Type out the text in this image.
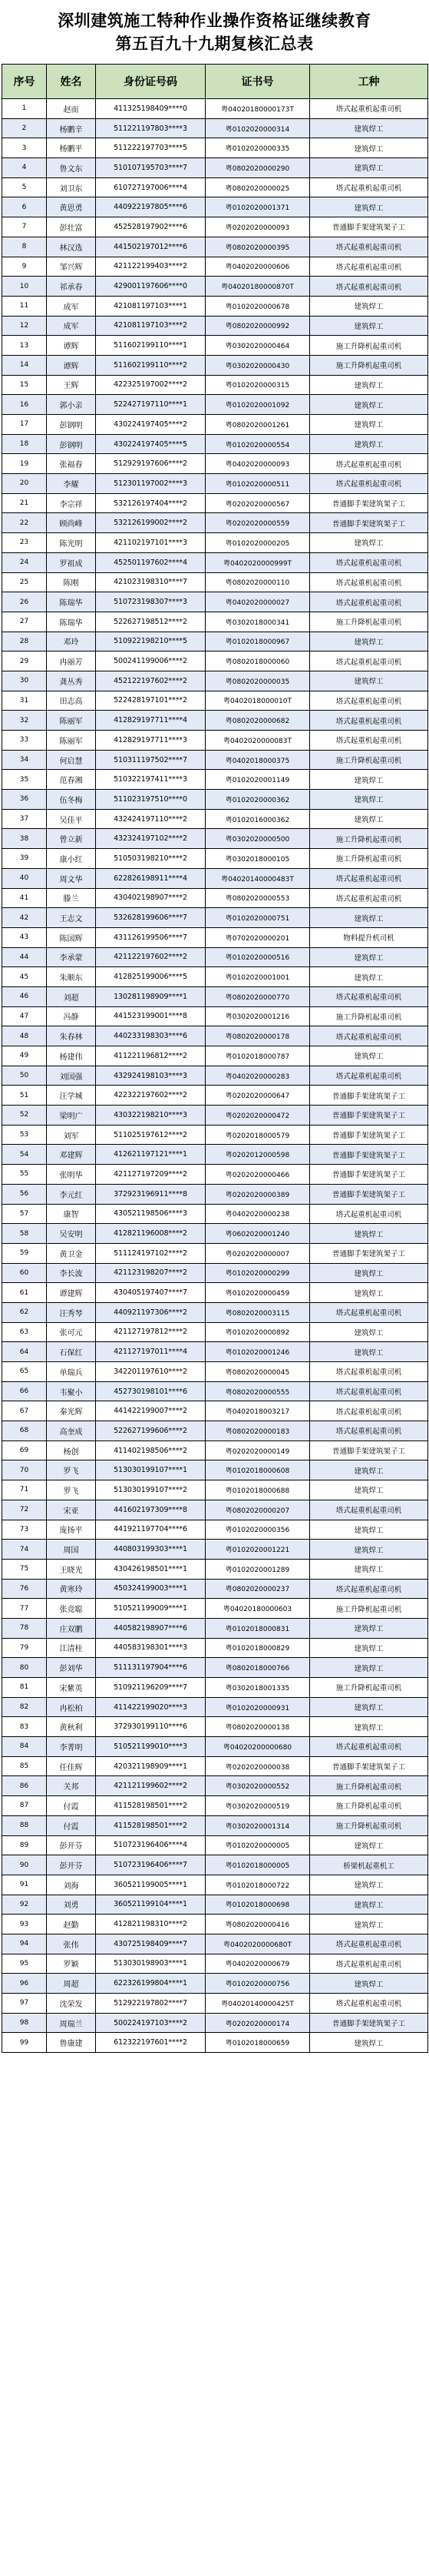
深圳建筑施工特种作业操作资格证继续教育
第五百九十九期复核汇总表
序号	姓名	身份证号码	证书号	工种
1	赵而	411325198409****0	粤04020180000173T	塔式起重机起重司机
2	杨鹏辛	511221197803****3	粤0102020000314	建筑焊工
3	杨鹏平	511222197703****5	粤0102020000335	建筑焊工
4	鲁文东	510107195703****7	粤0802020000290	建筑焊工
5	刘卫东	610727197006****4	粤0802020000025	塔式起重机起重司机
6	黄思勇	440922197805****6	粤0102020001371	建筑焊工
7	彭壮富	452528197902****6	粤0202020000093	普通脚手架建筑架子工
8	林汉选	441502197012****6	粤0802020000395	塔式起重机起重司机
9	邹兴辉	421122199403****2	粤0402020000606	塔式起重机起重司机
10	祁承春	429001197606****0	粤04020180000870T	塔式起重机起重司机
11	成军	421081197103****1	粤0102020000678	建筑焊工
12	成军	421081197103****2	粤0802020000992	建筑焊工
13	谭辉	511602199110****1	粤0302020000464	施工升降机起重司机
14	谭辉	511602199110****2	粤0302020000430	施工升降机起重司机
15	王辉	422325197002****2	粤0102020000315	建筑焊工
16	郭小亲	522427197110****1	粤0102020001092	建筑焊工
17	彭钢明	430224197405****2	粤0802020001261	建筑焊工
18	彭钢明	430224197405****5	粤0102020000554	建筑焊工
19	张福春	512929197606****2	粤0402020000093	塔式起重机起重司机
20	李耀	512301197002****3	粤0102020000511	塔式起重机起重司机
21	李宗祥	532126197404****2	粤0202020000567	普通脚手架建筑架子工
22	顾尚峰	532126199002****2	粤0202020000559	普通脚手架建筑架子工
23	陈光明	421102197101****3	粤0102020000205	建筑焊工
24	罗祖成	452501197602****4	粤0402020000999T	塔式起重机起重司机
25	陈刚	421023198310****7	粤0802020000110	塔式起重机起重司机
26	陈瑞华	510723198307****3	粤0402020000027	塔式起重机起重司机
27	陈瑞华	522627198512****2	粤0302018000341	施工升降机起重司机
28	邓玲	510922198210****5	粤0102018000967	建筑焊工
29	冉丽芳	500241199006****2	粤0802018000060	塔式起重机起重司机
30	龚丛秀	452122197602****2	粤0802020000035	建筑焊工
31	田志高	522428197101****2	粤0402018000010T	塔式起重机起重司机
32	陈丽军	412829197711****4	粤0802020000682	塔式起重机起重司机
33	陈丽军	412829197711****3	粤0402020000083T	塔式起重机起重司机
34	何启慧	510311197502****7	粤0402018000375	施工升降机起重司机
35	范春湘	510322197411****3	粤0102020001149	建筑焊工
36	伍冬梅	511023197510****0	粤0102020000362	建筑焊工
37	吴佳平	432424197110****2	粤0102016000362	建筑焊工
38	曾立新	432324197102****2	粤0302020000500	施工升降机起重司机
39	康小红	510503198210****2	粤0302018000105	施工升降机起重司机
40	周文华	622826198911****4	粤04020140000483T	塔式起重机起重司机
41	滕兰	430402198907****2	粤0802020000553	塔式起重机起重司机
42	王志文	532628199606****7	粤0102020000751	建筑焊工
43	陈国辉	431126199506****7	粤0702020000201	物料提升机司机
44	李承蒙	421122197602****2	粤0102020000516	建筑焊工
45	朱顺东	412825199006****5	粤0102020001001	建筑焊工
46	刘超	130281198909****1	粤0802020000770	塔式起重机起重司机
47	冯静	441523199001****8	粤0302020001216	施工升降机起重司机
48	朱春林	440233198303****6	粤0802020000178	塔式起重机起重司机
49	杨建伟	411221196812****2	粤0102018000787	建筑焊工
50	刘国强	432924198103****3	粤0402020000283	塔式起重机起重司机
51	汪学城	422322197602****2	粤0202020000647	普通脚手架建筑架子工
52	梁明广	430322198210****3	粤0202020000472	普通脚手架建筑架子工
53	刘军	511025197612****2	粤0202018000579	普通脚手架建筑架子工
54	邓建辉	412621197121****1	粤0202012000598	普通脚手架建筑架子工
55	张明华	421127197209****2	粤0202020000466	普通脚手架建筑架子工
56	李元红	372923196911****8	粤0202020000389	普通脚手架建筑架子工
57	康智	430521198506****3	粤0402020000238	塔式起重机起重司机
58	吴安明	412821196008****2	粤0602020001240	建筑焊工
59	黄卫金	511124197102****2	粤0202020000007	普通脚手架建筑架子工
60	李长波	421123198207****2	粤0102020000299	建筑焊工
61	谭建辉	430405197407****7	粤0102020000459	建筑焊工
62	汪秀琴	440921197306****2	粤0802020003115	塔式起重机起重司机
63	张可元	421127197812****2	粤0102020000892	建筑焊工
64	石保红	421127197011****4	粤0102020001246	建筑焊工
65	单瑞兵	342201197610****2	粤0802020000045	塔式起重机起重司机
66	韦聚小	452730198101****6	粤0802020000555	塔式起重机起重司机
67	秦光辉	441422199007****2	粤0402018003217	塔式起重机起重司机
68	高奎成	522627199606****2	粤0802020000183	塔式起重机起重司机
69	杨创	411402198506****2	粤0202020000149	普通脚手架建筑架子工
70	罗飞	513030199107****1	粤0102018000608	建筑焊工
71	罗飞	513030199107****2	粤0102018000688	建筑焊工
72	宋亚	441602197309****8	粤0802020000207	塔式起重机起重司机
73	庞扬平	441921197704****6	粤0102020000356	建筑焊工
74	周国	440803199303****1	粤0102020001221	建筑焊工
75	王晓光	430426198501****1	粤0102020001289	建筑焊工
76	黄寒玲	450324199003****1	粤0802020000237	塔式起重机起重司机
77	张竞聪	510521199009****1	粤04020180000603	施工升降机起重司机
78	庄双鹏	440582198907****6	粤0102018000831	建筑焊工
79	江清桂	440583198301****3	粤0102018000829	建筑焊工
80	彭刘华	511131197904****6	粤0802018000766	建筑焊工
81	宋紫英	510921196209****7	粤0302018001335	施工升降机起重司机
82	冉松柏	411422199020****3	粤0102020000931	建筑焊工
83	黄秋利	372930199110****6	粤0802020000138	建筑焊工
84	李菁明	510521199010****3	粤04020200000680	塔式起重机起重司机
85	任佳辉	420321198909****1	粤0202020000038	普通脚手架建筑架子工
86	关邦	421121199602****2	粤0302020000552	施工升降机起重司机
87	付霞	411528198501****2	粤0302020000519	施工升降机起重司机
88	付霞	411528198501****2	粤0302020001314	施工升降机起重司机
89	彭开芬	510723196406****4	粤0102020000005	建筑焊工
90	彭开芬	510723196406****7	粤0102018000005	桥梁机起重机工
91	刘海	360521199005****1	粤0102018000722	建筑焊工
92	刘勇	360521199104****1	粤0102018000698	建筑焊工
93	赵勤	412821198310****2	粤0802020000416	建筑焊工
94	张伟	430725198409****7	粤0402020000680T	塔式起重机起重司机
95	罗颖	513030198903****1	粤0402020000679	塔式起重机起重司机
96	周超	622326199804****1	粤0102020000756	建筑焊工
97	沈荣发	512922197802****7	粤04020140000425T	塔式起重机起重司机
98	周瑞兰	500224197103****2	粤0202020000174	普通脚手架建筑架子工
99	鲁康建	612322197601****2	粤0102018000659	建筑焊工
